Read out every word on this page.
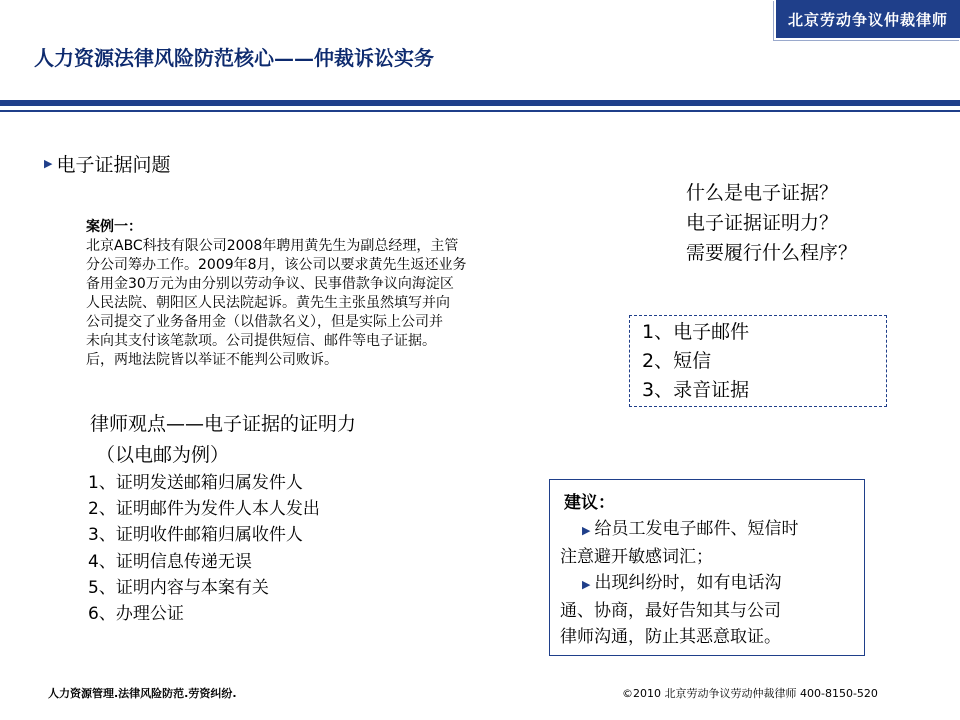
北京劳动争议仲裁律师
人力资源法律风险防范核心——仲裁诉讼实务
▶ 电子证据问题
案例一：
北京ABC科技有限公司2008年聘用黄先生为副总经理，主管
分公司筹办工作。2009年8月，该公司以要求黄先生返还业务
备用金30万元为由分别以劳动争议、民事借款争议向海淀区
人民法院、朝阳区人民法院起诉。黄先生主张虽然填写并向
公司提交了业务备用金（以借款名义），但是实际上公司并
未向其支付该笔款项。公司提供短信、邮件等电子证据。
后，两地法院皆以举证不能判公司败诉。
什么是电子证据？
电子证据证明力？
需要履行什么程序？
1、电子邮件
2、短信
3、录音证据
律师观点——电子证据的证明力
（以电邮为例）
1、证明发送邮箱归属发件人
2、证明邮件为发件人本人发出
3、证明收件邮箱归属收件人
4、证明信息传递无误
5、证明内容与本案有关
6、办理公证
建议：
▶ 给员工发电子邮件、短信时
注意避开敏感词汇；
▶ 出现纠纷时，如有电话沟
通、协商，最好告知其与公司
律师沟通，防止其恶意取证。
人力资源管理.法律风险防范.劳资纠纷.	©2010 北京劳动争议劳动仲裁律师 400-8150-520
